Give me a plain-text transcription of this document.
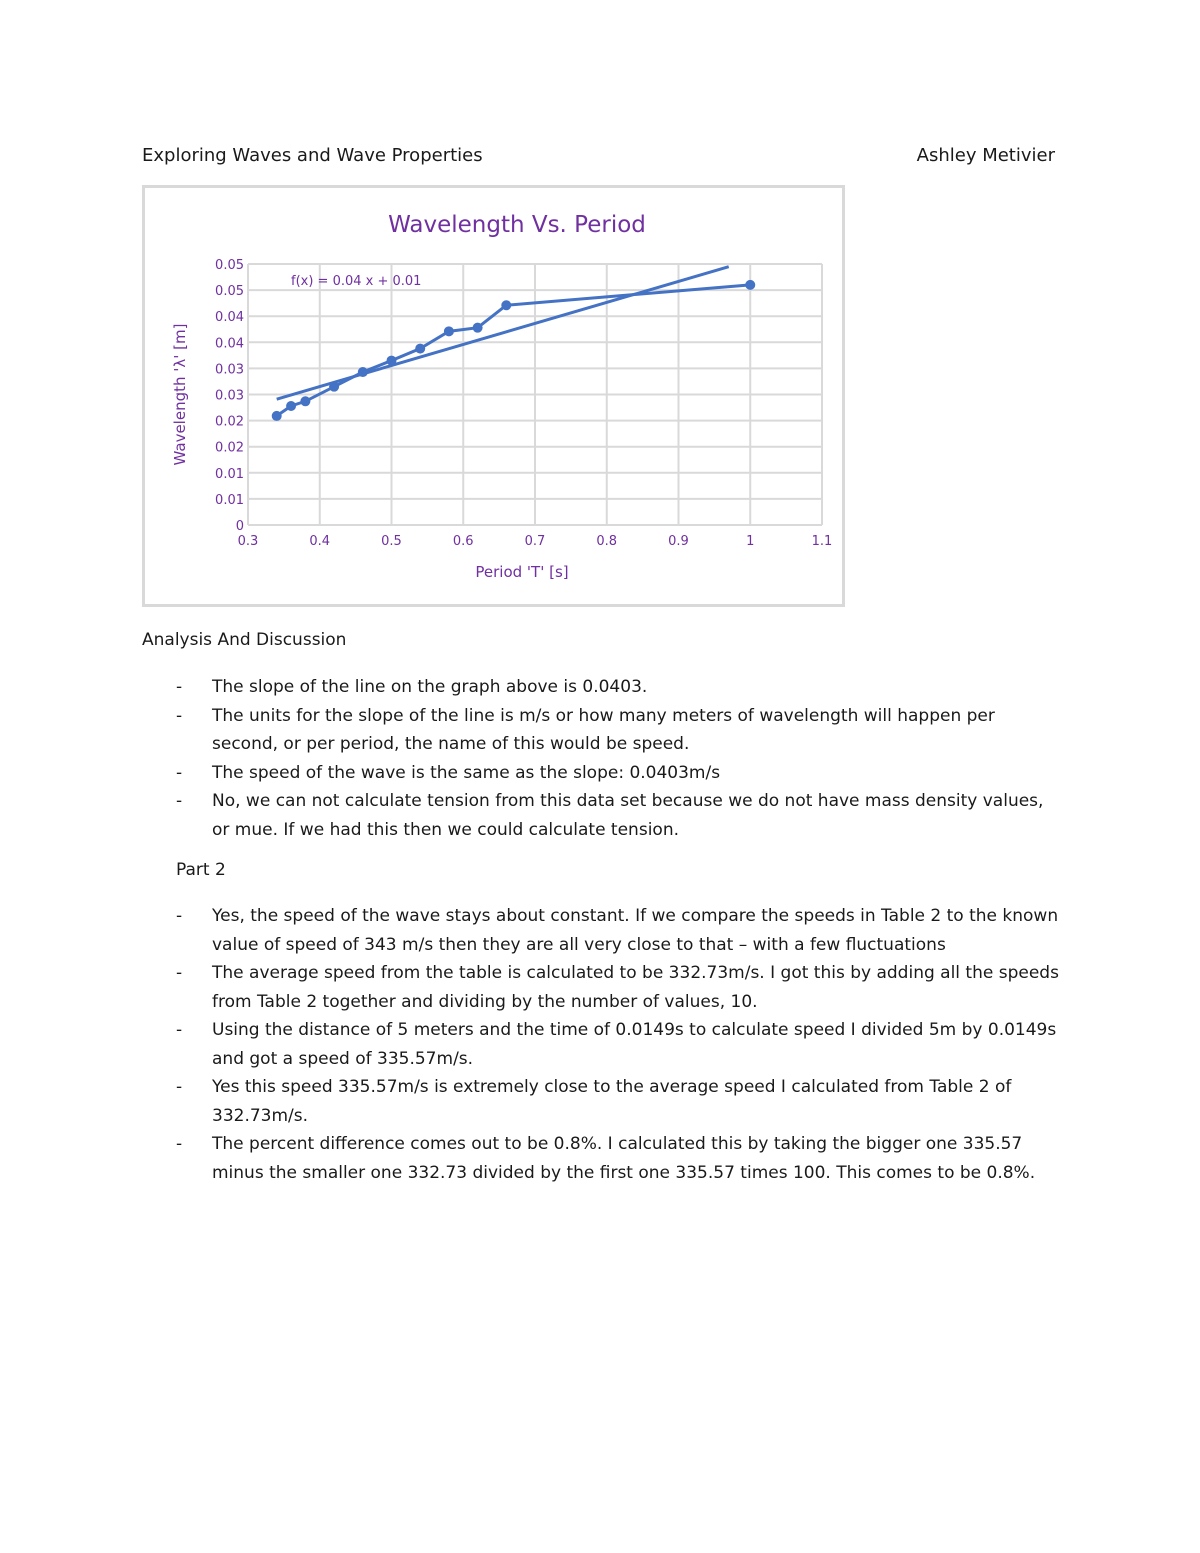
Exploring Waves and Wave Properties	Ashley Metivier
0.3	0.4	0.5	0.6	0.7	0.8	0.9	1	1.1
0
0.01
0.01
0.02
0.02
0.03
0.03
0.04
0.04
0.05
0.05
Wavelength Vs. Period
Period 'T' [s]
Wavelength 'λ' [m]
f(x) = 0.04 x + 0.01
Analysis And Discussion
- The slope of the line on the graph above is 0.0403.
- The units for the slope of the line is m/s or how many meters of wavelength will happen per second, or per period, the name of this would be speed.
- The speed of the wave is the same as the slope: 0.0403m/s
- No, we can not calculate tension from this data set because we do not have mass density values, or mue. If we had this then we could calculate tension.
Part 2
- Yes, the speed of the wave stays about constant. If we compare the speeds in Table 2 to the known value of speed of 343 m/s then they are all very close to that – with a few fluctuations
- The average speed from the table is calculated to be 332.73m/s. I got this by adding all the speeds from Table 2 together and dividing by the number of values, 10.
- Using the distance of 5 meters and the time of 0.0149s to calculate speed I divided 5m by 0.0149s and got a speed of 335.57m/s.
- Yes this speed 335.57m/s is extremely close to the average speed I calculated from Table 2 of 332.73m/s.
- The percent difference comes out to be 0.8%. I calculated this by taking the bigger one 335.57 minus the smaller one 332.73 divided by the first one 335.57 times 100. This comes to be 0.8%.
